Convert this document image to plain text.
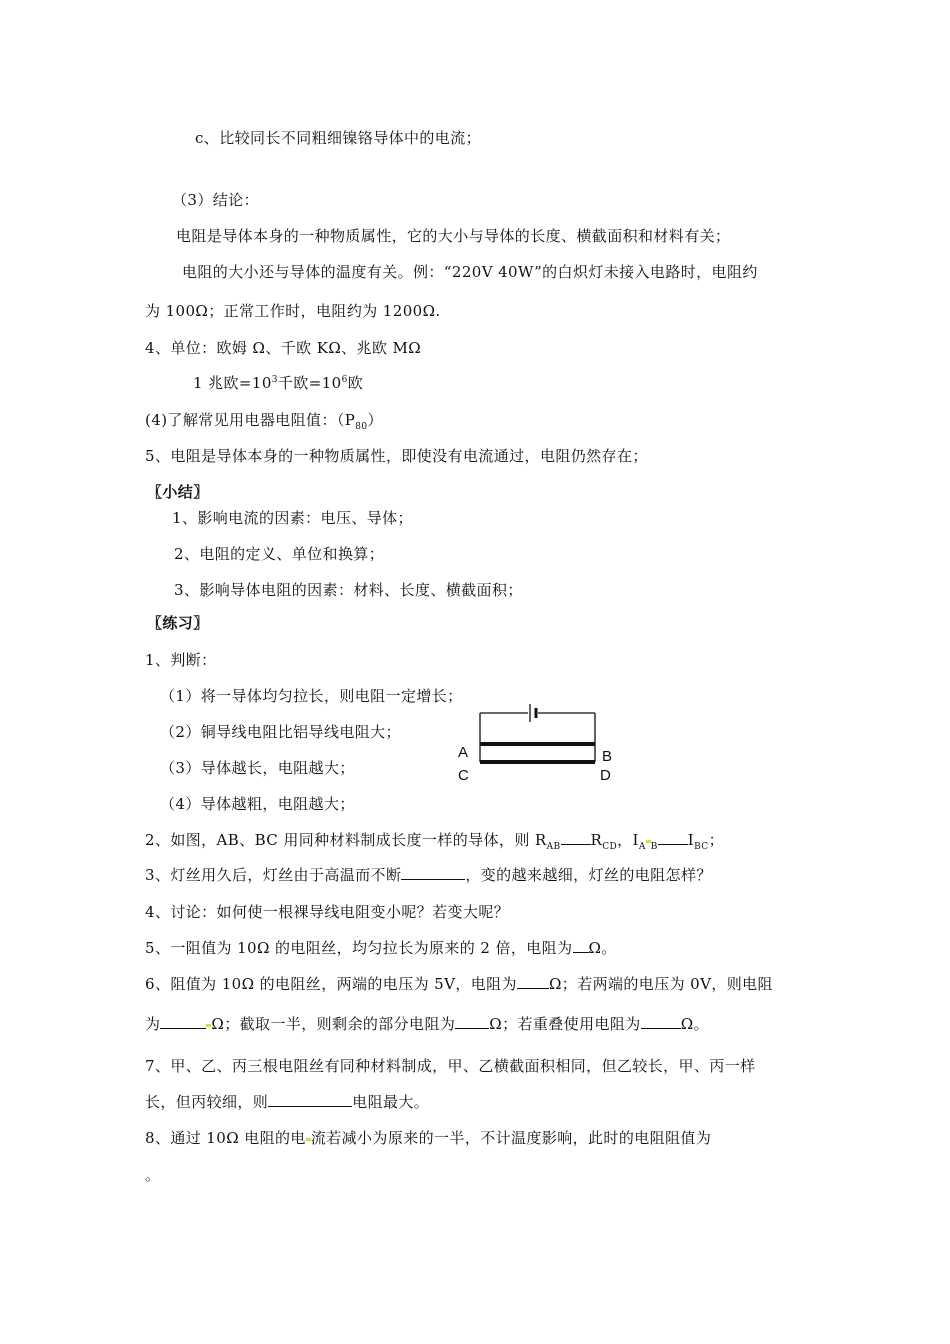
c、比较同长不同粗细镍铬导体中的电流；
（3）结论：
电阻是导体本身的一种物质属性，它的大小与导体的长度、横截面积和材料有关；
电阻的大小还与导体的温度有关。例：“220V 40W”的白炽灯未接入电路时，电阻约
为 100Ω；正常工作时，电阻约为 1200Ω.
4、单位：欧姆 Ω、千欧 KΩ、兆欧 MΩ
1 兆欧$=10^3$千欧$=10^6$欧
(4)了解常见用电器电阻值：$(P_{80})$
5、电阻是导体本身的一种物质属性，即使没有电流通过，电阻仍然存在；
〖小结〗
1、影响电流的因素：电压、导体；
2、电阻的定义、单位和换算；
3、影响导体电阻的因素：材料、长度、横截面积；
〖练习〗
1、判断：
（1）将一导体均匀拉长，则电阻一定增长；
（2）铜导线电阻比铝导线电阻大；
（3）导体越长，电阻越大；
（4）导体越粗，电阻越大；
A	B
C	D
2、如图，AB、BC 用同种材料制成长度一样的导体，则 $R_{AB}$ $R_{CD}$，$I_A$ $_B$ $I_{BC}$；
3、灯丝用久后，灯丝由于高温而不断	，变的越来越细，灯丝的电阻怎样？
4、讨论：如何使一根裸导线电阻变小呢？若变大呢？
5、一阻值为 10Ω 的电阻丝，均匀拉长为原来的 2 倍，电阻为 Ω。
6、阻值为 10Ω 的电阻丝，两端的电压为 5V，电阻为 Ω；若两端的电压为 0V，则电阻
为	Ω；截取一半，则剩余的部分电阻为 Ω；若重叠使用电阻为	Ω。
7、甲、乙、丙三根电阻丝有同种材料制成，甲、乙横截面积相同，但乙较长，甲、丙一样
长，但丙较细，则	电阻最大。
8、通过 10Ω 电阻的电 流若减小为原来的一半，不计温度影响，此时的电阻阻值为
。
